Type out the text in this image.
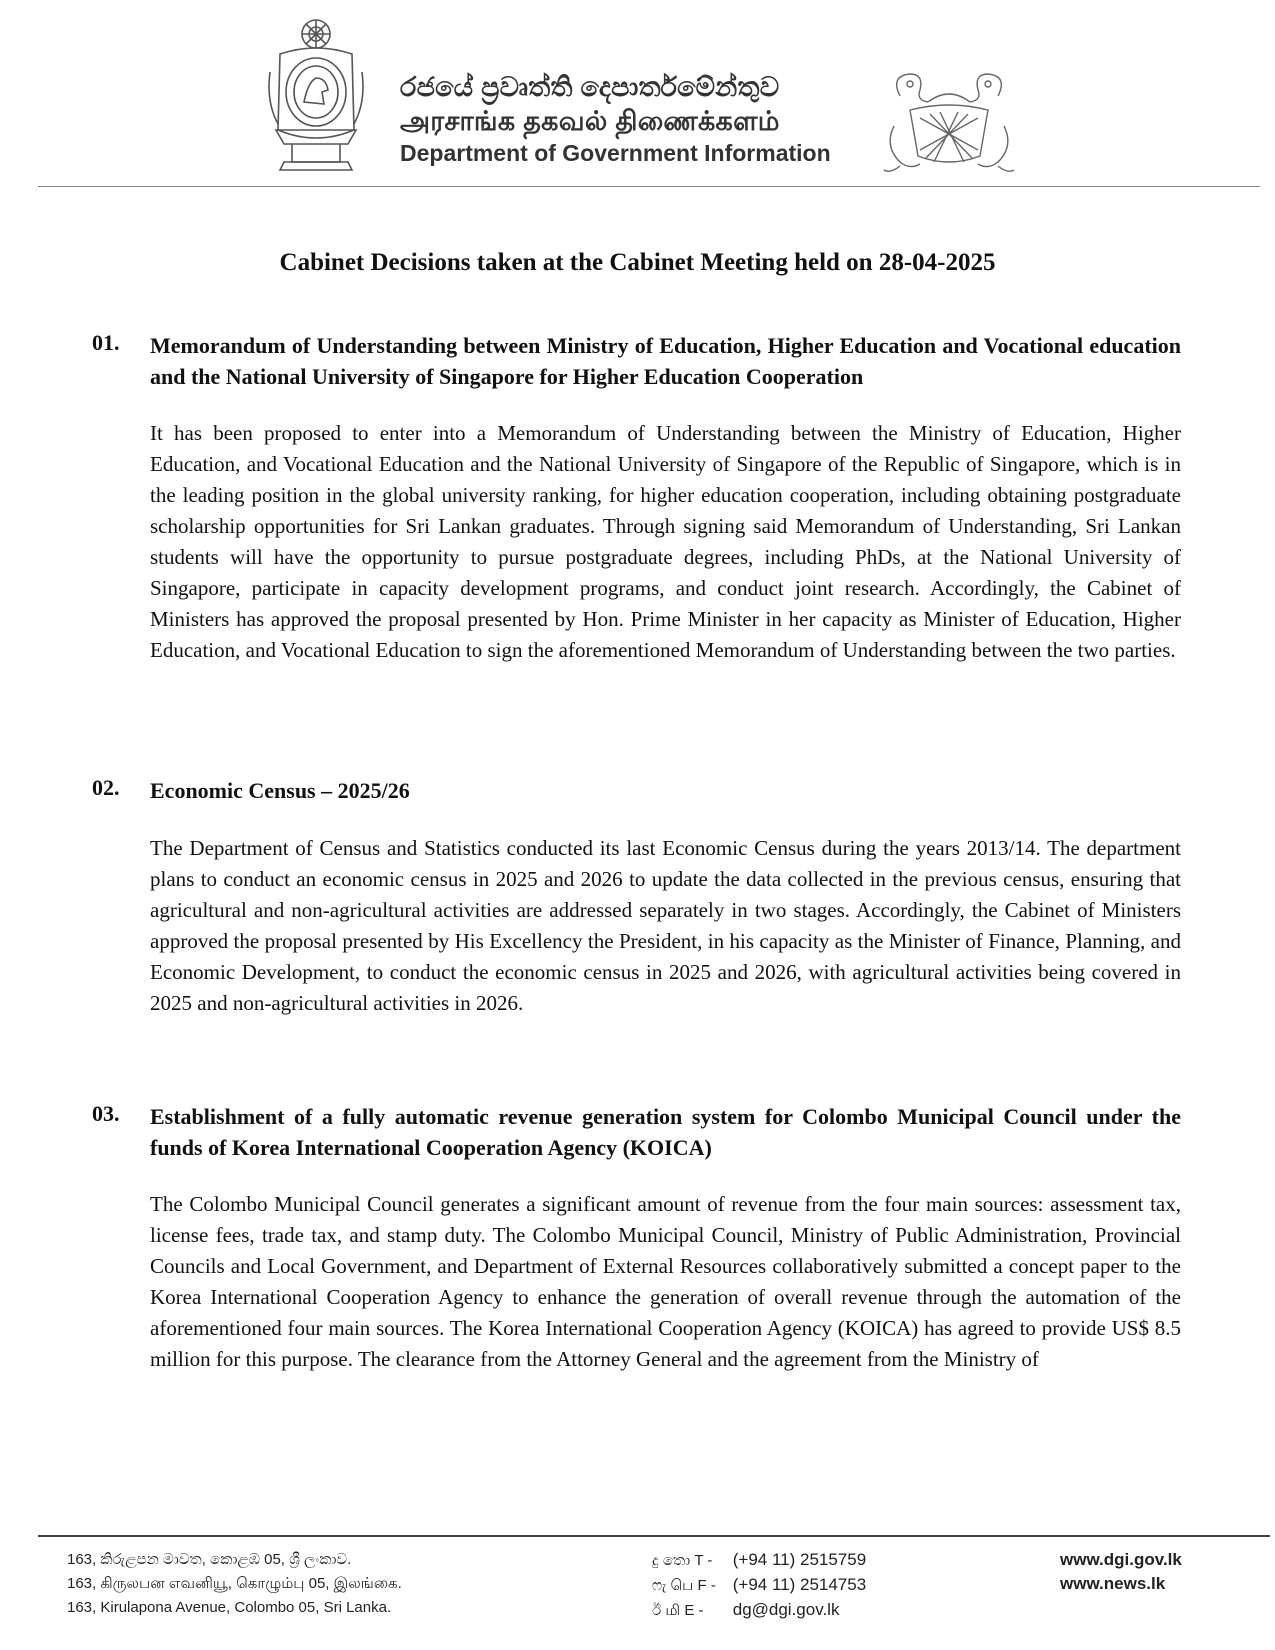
රජයේ ප්‍රවෘත්ති දෙපාර්තමේන්තුව
அரசாங்க தகவல் திணைக்களம்
Department of Government Information
Cabinet Decisions taken at the Cabinet Meeting held on 28-04-2025
01. Memorandum of Understanding between Ministry of Education, Higher Education and Vocational education and the National University of Singapore for Higher Education Cooperation
It has been proposed to enter into a Memorandum of Understanding between the Ministry of Education, Higher Education, and Vocational Education and the National University of Singapore of the Republic of Singapore, which is in the leading position in the global university ranking, for higher education cooperation, including obtaining postgraduate scholarship opportunities for Sri Lankan graduates. Through signing said Memorandum of Understanding, Sri Lankan students will have the opportunity to pursue postgraduate degrees, including PhDs, at the National University of Singapore, participate in capacity development programs, and conduct joint research. Accordingly, the Cabinet of Ministers has approved the proposal presented by Hon. Prime Minister in her capacity as Minister of Education, Higher Education, and Vocational Education to sign the aforementioned Memorandum of Understanding between the two parties.
02. Economic Census – 2025/26
The Department of Census and Statistics conducted its last Economic Census during the years 2013/14. The department plans to conduct an economic census in 2025 and 2026 to update the data collected in the previous census, ensuring that agricultural and non-agricultural activities are addressed separately in two stages. Accordingly, the Cabinet of Ministers approved the proposal presented by His Excellency the President, in his capacity as the Minister of Finance, Planning, and Economic Development, to conduct the economic census in 2025 and 2026, with agricultural activities being covered in 2025 and non-agricultural activities in 2026.
03. Establishment of a fully automatic revenue generation system for Colombo Municipal Council under the funds of Korea International Cooperation Agency (KOICA)
The Colombo Municipal Council generates a significant amount of revenue from the four main sources: assessment tax, license fees, trade tax, and stamp duty. The Colombo Municipal Council, Ministry of Public Administration, Provincial Councils and Local Government, and Department of External Resources collaboratively submitted a concept paper to the Korea International Cooperation Agency to enhance the generation of overall revenue through the automation of the aforementioned four main sources. The Korea International Cooperation Agency (KOICA) has agreed to provide US$ 8.5 million for this purpose. The clearance from the Attorney General and the agreement from the Ministry of
163, කිරුළපන මාවත, කොළඹ 05, ශ්‍රී ලංකාව.
163, கிருலபன எவனியூ, கொழும்பு 05, இலங்கை.
163, Kirulapona Avenue, Colombo 05, Sri Lanka.
දු තො T - (+94 11) 2515759
ෆැ பெ F - (+94 11) 2514753
ඊ மி E - dg@dgi.gov.lk
www.dgi.gov.lk
www.news.lk
